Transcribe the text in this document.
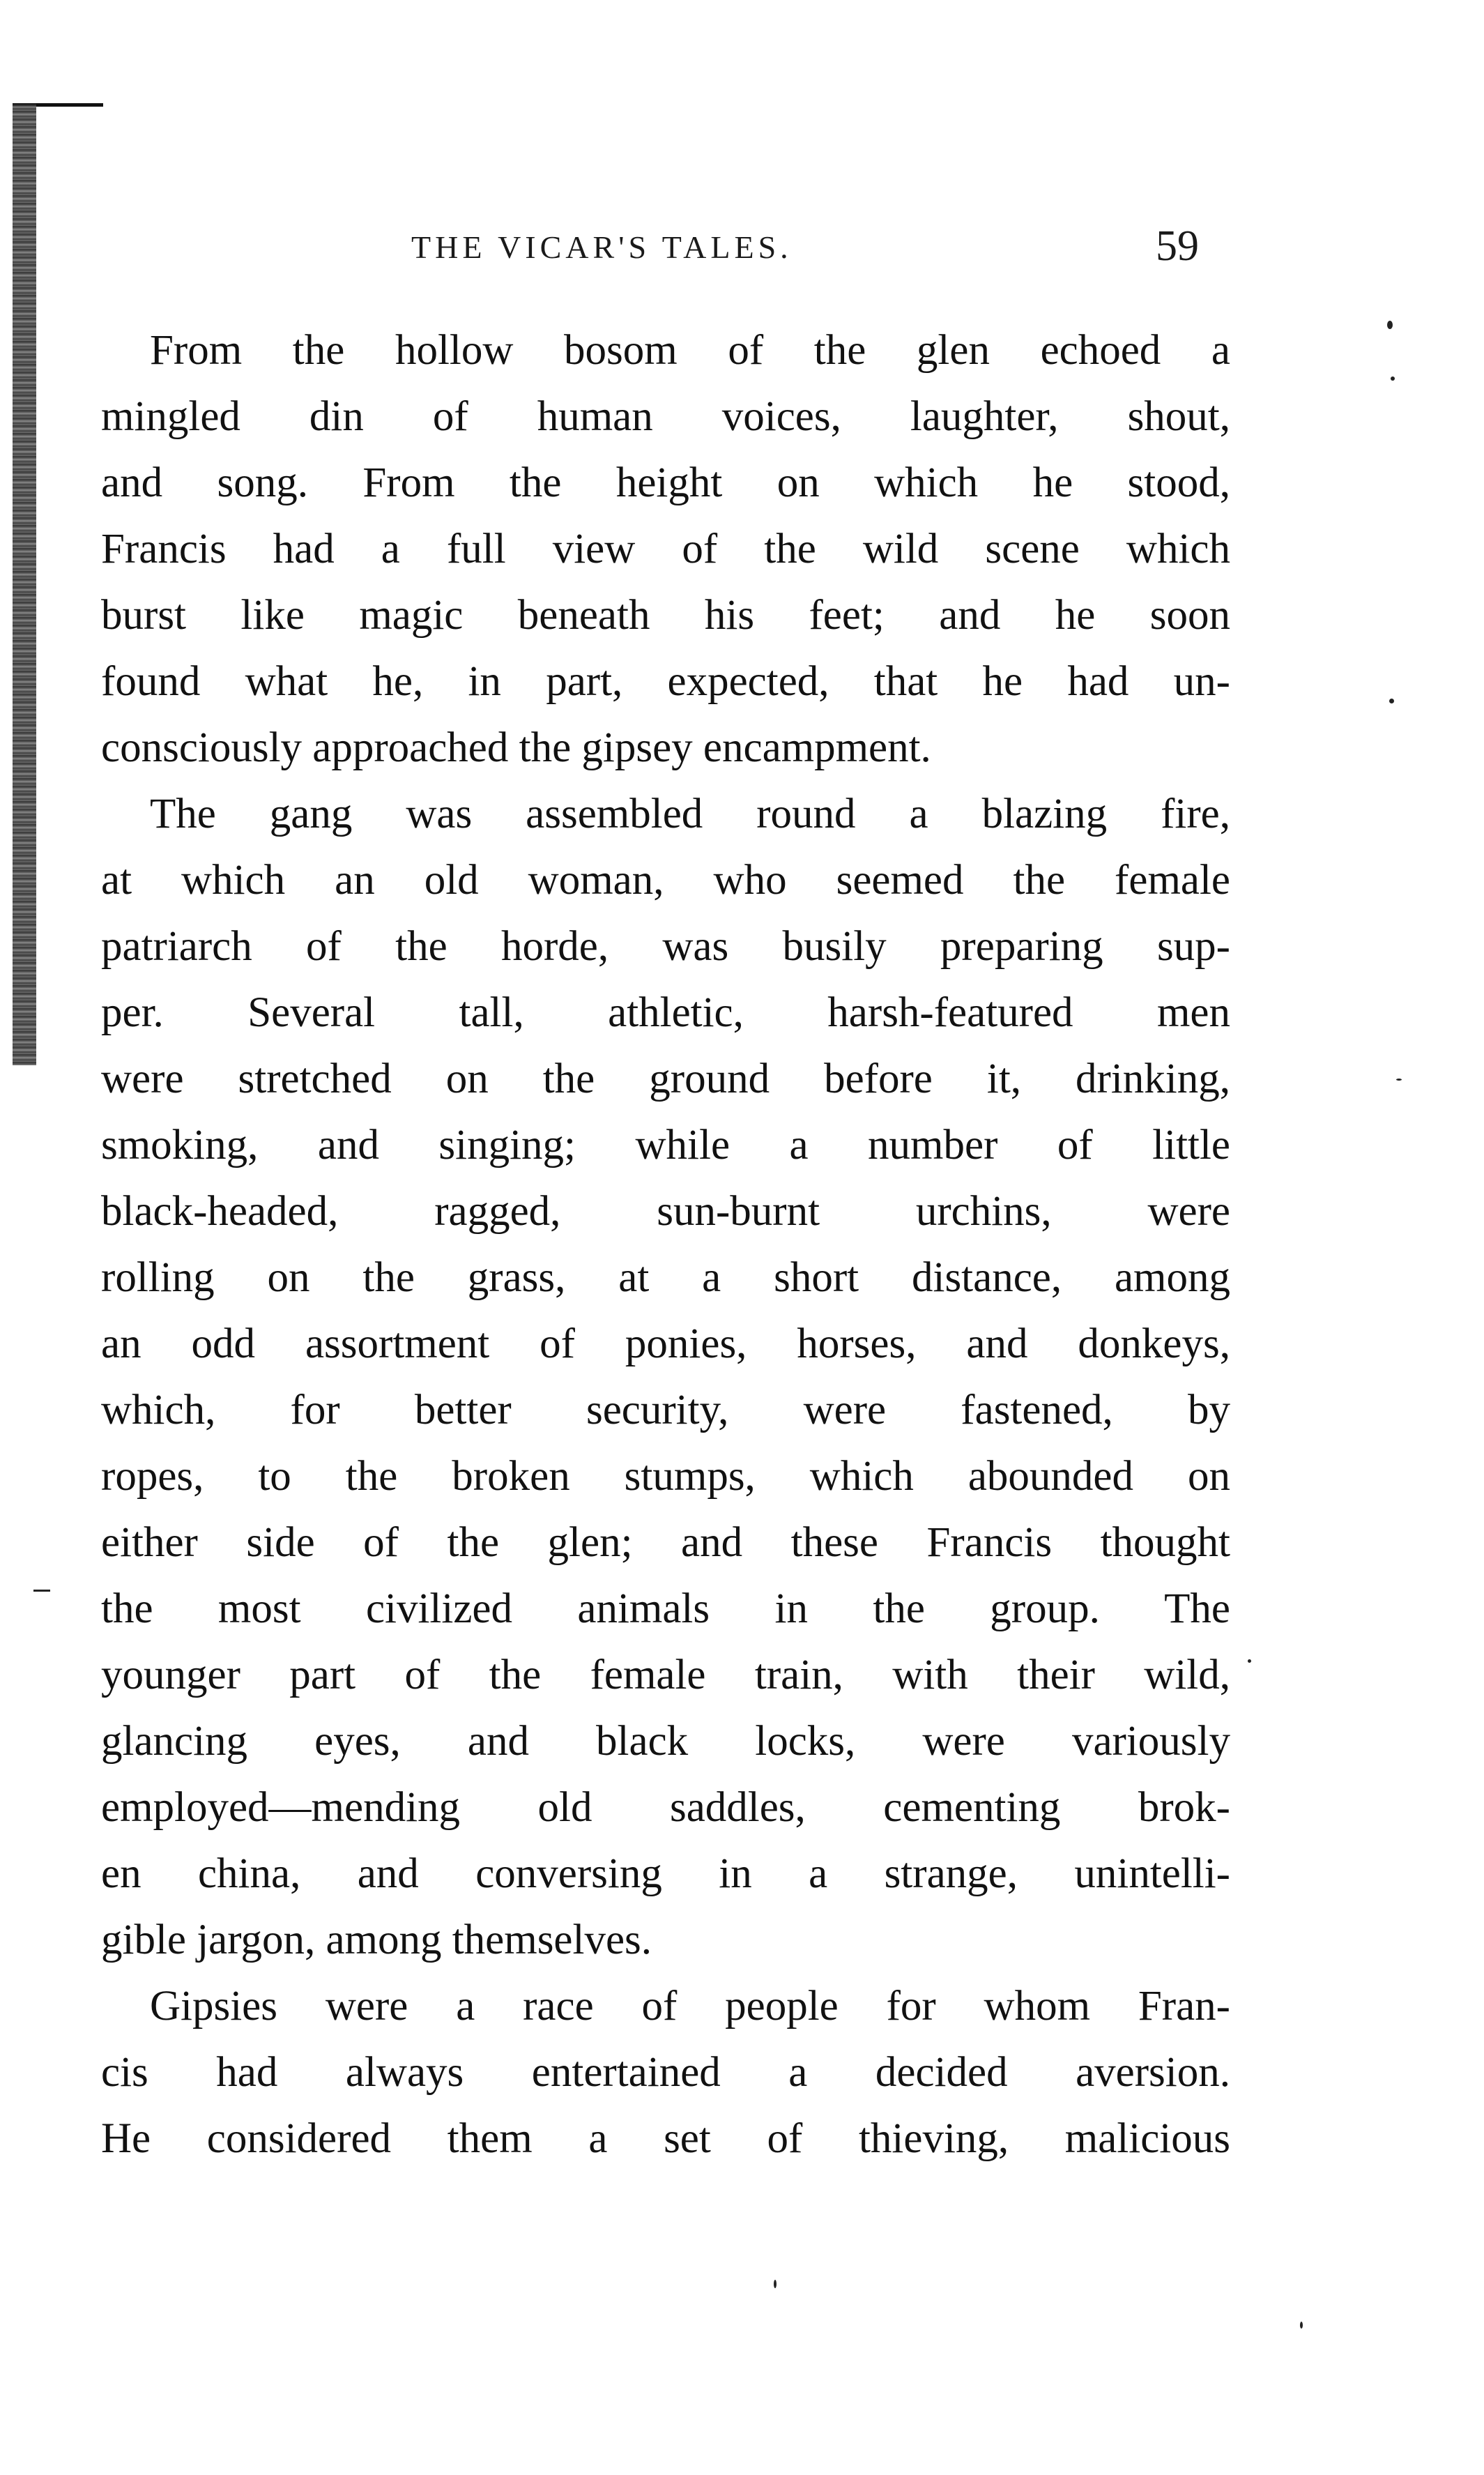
THE VICAR'S TALES.	59
From the hollow bosom of the glen echoed a
mingled din of human voices, laughter, shout,
and song. From the height on which he stood,
Francis had a full view of the wild scene which
burst like magic beneath his feet; and he soon
found what he, in part, expected, that he had un-
consciously approached the gipsey encampment.
The gang was assembled round a blazing fire,
at which an old woman, who seemed the female
patriarch of the horde, was busily preparing sup-
per. Several tall, athletic, harsh-featured men
were stretched on the ground before it, drinking,
smoking, and singing; while a number of little
black-headed, ragged, sun-burnt urchins, were
rolling on the grass, at a short distance, among
an odd assortment of ponies, horses, and donkeys,
which, for better security, were fastened, by
ropes, to the broken stumps, which abounded on
either side of the glen; and these Francis thought
the most civilized animals in the group. The
younger part of the female train, with their wild,
glancing eyes, and black locks, were variously
employed—mending old saddles, cementing brok-
en china, and conversing in a strange, unintelli-
gible jargon, among themselves.
Gipsies were a race of people for whom Fran-
cis had always entertained a decided aversion.
He considered them a set of thieving, malicious
